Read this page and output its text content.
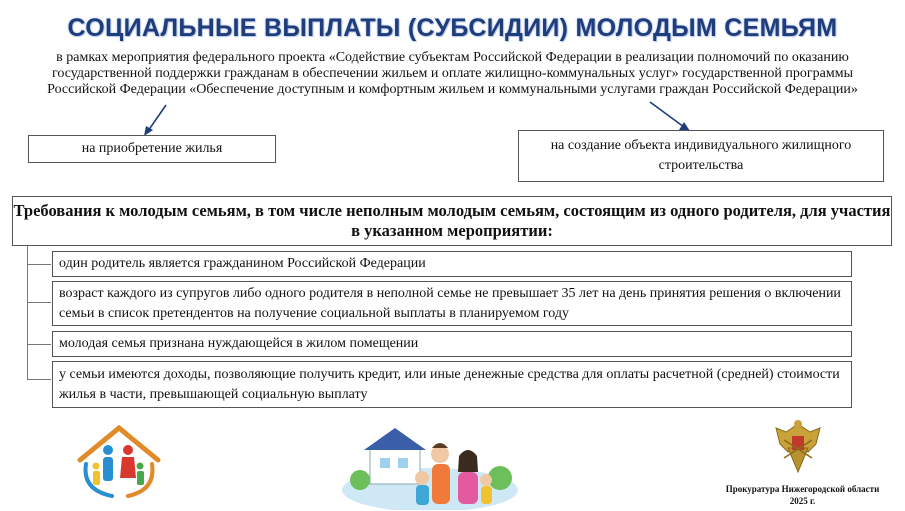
СОЦИАЛЬНЫЕ ВЫПЛАТЫ (СУБСИДИИ) МОЛОДЫМ СЕМЬЯМ
в рамках мероприятия федерального проекта «Содействие субъектам Российской Федерации в реализации полномочий по оказанию государственной поддержки гражданам в обеспечении жильем и оплате жилищно-коммунальных услуг» государственной программы Российской Федерации «Обеспечение доступным и комфортным жильем и коммунальными услугами граждан Российской Федерации»
на приобретение жилья	на создание объекта индивидуального жилищного строительства
Требования к молодым семьям, в том числе неполным молодым семьям, состоящим из одного родителя, для участия в указанном мероприятии:
один родитель является гражданином Российской Федерации
возраст каждого из супругов либо одного родителя в неполной семье не превышает 35 лет на день принятия решения о включении семьи в список претендентов на получение социальной выплаты в планируемом году
молодая семья признана нуждающейся в жилом помещении
у семьи имеются доходы, позволяющие получить кредит, или иные денежные средства для оплаты расчетной (средней) стоимости жилья в части, превышающей социальную выплату
Прокуратура Нижегородской области
2025 г.
